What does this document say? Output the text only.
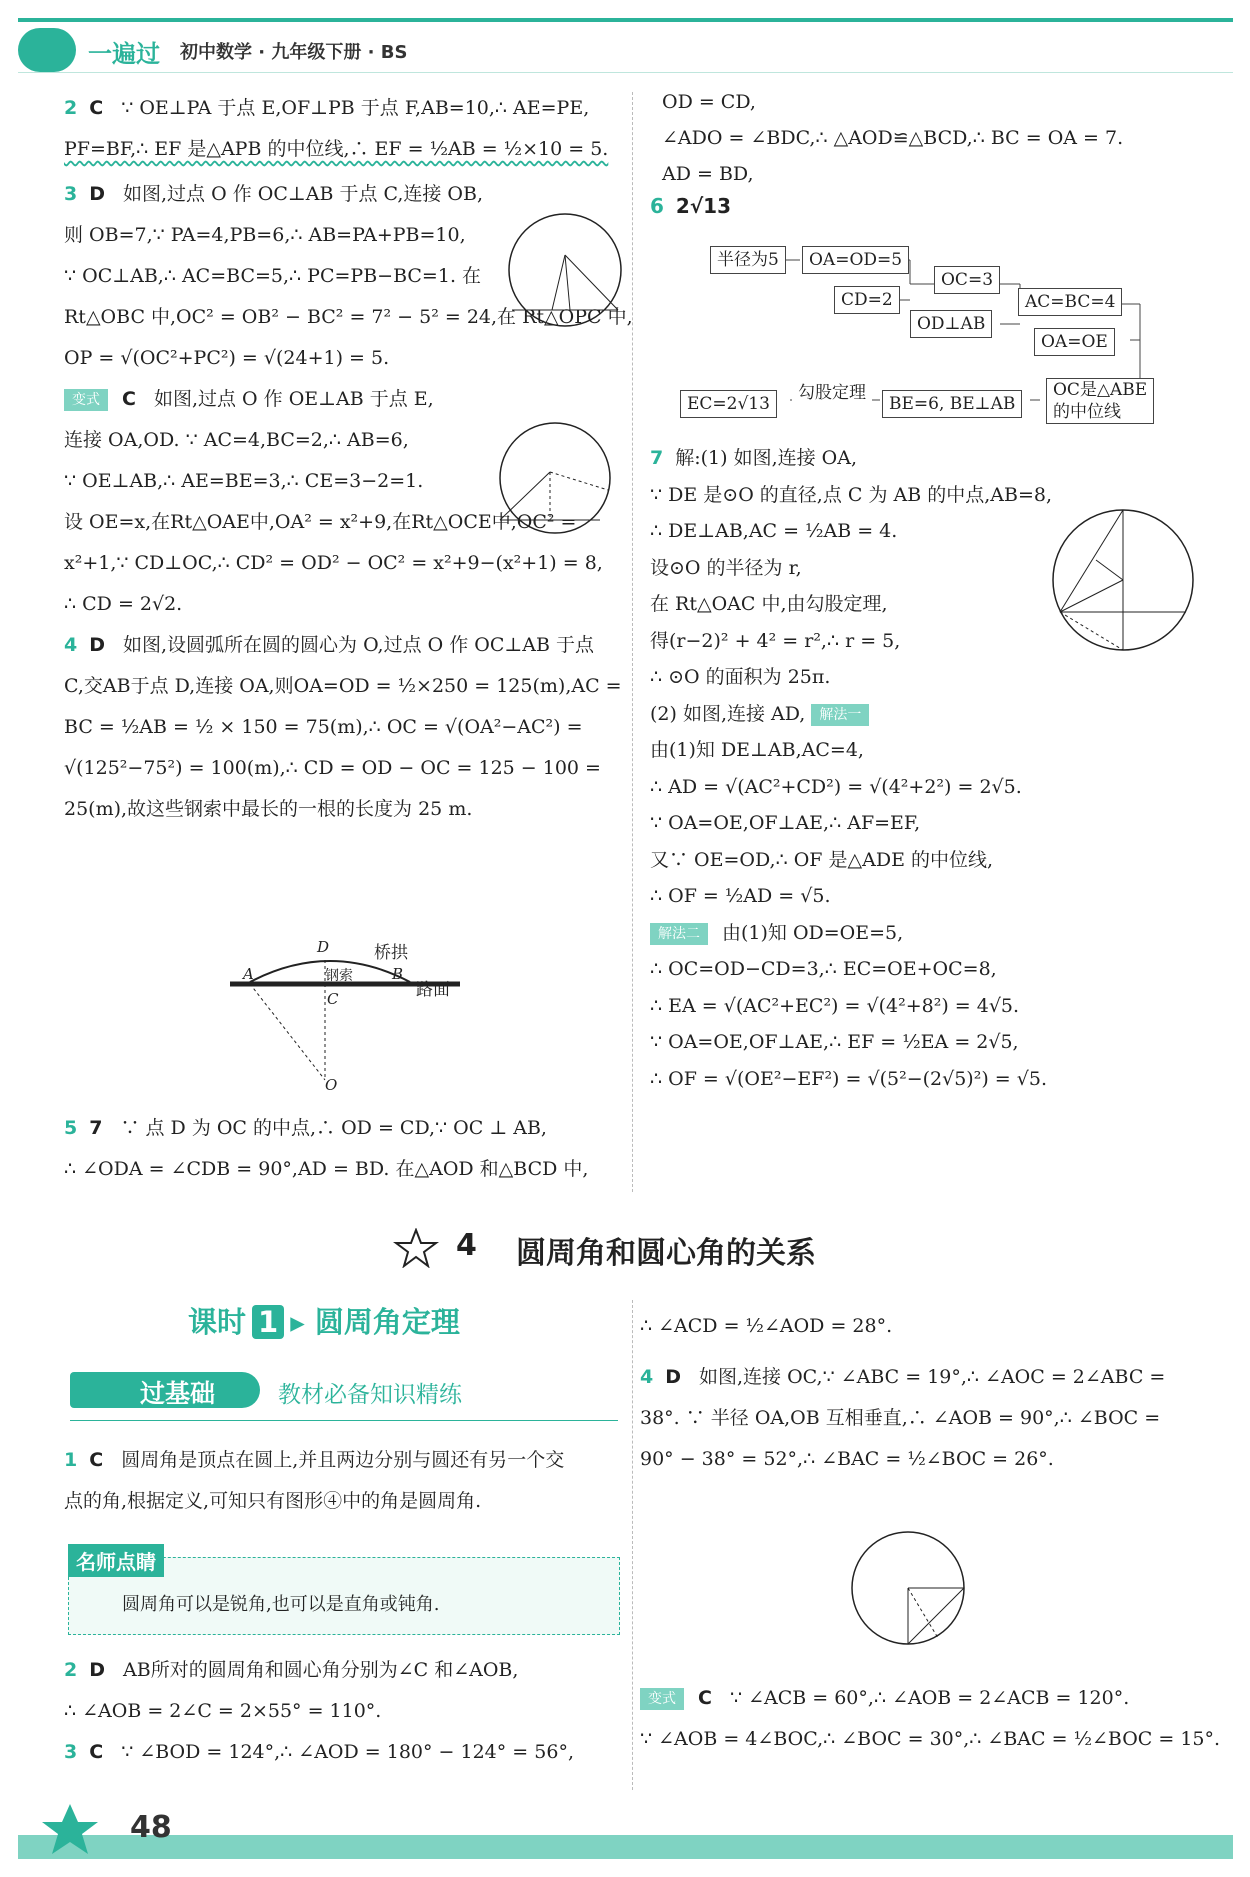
一遍过 初中数学 · 九年级下册 · BS

2 C ∵ OE⊥PA 于点 E,OF⊥PB 于点 F,AB=10,∴ AE=PE,

PF=BF,∴ EF 是△APB 的中位线,∴ EF = ½AB = ½×10 = 5.

3 D 如图,过点 O 作 OC⊥AB 于点 C,连接 OB,

则 OB=7,∵ PA=4,PB=6,∴ AB=PA+PB=10,

∵ OC⊥AB,∴ AC=BC=5,∴ PC=PB−BC=1. 在

Rt△OBC 中,OC² = OB² − BC² = 7² − 5² = 24,在 Rt△OPC 中,

OP = √(OC²+PC²) = √(24+1) = 5.

变式 C 如图,过点 O 作 OE⊥AB 于点 E,

连接 OA,OD. ∵ AC=4,BC=2,∴ AB=6,

∵ OE⊥AB,∴ AE=BE=3,∴ CE=3−2=1.

设 OE=x,在Rt△OAE中,OA² = x²+9,在Rt△OCE中,OC² =

x²+1,∵ CD⊥OC,∴ CD² = OD² − OC² = x²+9−(x²+1) = 8,

∴ CD = 2√2.

4 D 如图,设圆弧所在圆的圆心为 O,过点 O 作 OC⊥AB 于点

C,交AB于点 D,连接 OA,则OA=OD = ½×250 = 125(m),AC =

BC = ½AB = ½ × 150 = 75(m),∴ OC = √(OA²−AC²) =

√(125²−75²) = 100(m),∴ CD = OD − OC = 125 − 100 =

25(m),故这些钢索中最长的一根的长度为 25 m.

桥拱
钢索
路面
A	B
C
D
O

5 7 ∵ 点 D 为 OC 的中点,∴ OD = CD,∵ OC ⊥ AB,

∴ ∠ODA = ∠CDB = 90°,AD = BD. 在△AOD 和△BCD 中,

OD = CD,

∠ADO = ∠BDC,∴ △AOD≌△BCD,∴ BC = OA = 7.

AD = BD,

6 2√13
半径为5	OA=OD=5
CD=2
OC=3
OD⊥AB
AC=BC=4
OA=OE
EC=2√13
勾股定理
BE=6, BE⊥AB
OC是△ABE
的中位线

7 解:(1) 如图,连接 OA,

∵ DE 是⊙O 的直径,点 C 为 AB 的中点,AB=8,

∴ DE⊥AB,AC = ½AB = 4.

设⊙O 的半径为 r,

在 Rt△OAC 中,由勾股定理,

得(r−2)² + 4² = r²,∴ r = 5,

∴ ⊙O 的面积为 25π.

(2) 如图,连接 AD, 解法一

由(1)知 DE⊥AB,AC=4,

∴ AD = √(AC²+CD²) = √(4²+2²) = 2√5.

∵ OA=OE,OF⊥AE,∴ AF=EF,

又∵ OE=OD,∴ OF 是△ADE 的中位线,

∴ OF = ½AD = √5.

解法二 由(1)知 OD=OE=5,

∴ OC=OD−CD=3,∴ EC=OE+OC=8,

∴ EA = √(AC²+EC²) = √(4²+8²) = 4√5.

∵ OA=OE,OF⊥AE,∴ EF = ½EA = 2√5,

∴ OF = √(OE²−EF²) = √(5²−(2√5)²) = √5.

4 圆周角和圆心角的关系
课时 1 ▸ 圆周角定理
过基础	教材必备知识精练

1 C 圆周角是顶点在圆上,并且两边分别与圆还有另一个交

点的角,根据定义,可知只有图形④中的角是圆周角.

名师点睛
圆周角可以是锐角,也可以是直角或钝角.

2 D AB所对的圆周角和圆心角分别为∠C 和∠AOB,

∴ ∠AOB = 2∠C = 2×55° = 110°.

3 C ∵ ∠BOD = 124°,∴ ∠AOD = 180° − 124° = 56°,

∴ ∠ACD = ½∠AOD = 28°.

4 D 如图,连接 OC,∵ ∠ABC = 19°,∴ ∠AOC = 2∠ABC =

38°. ∵ 半径 OA,OB 互相垂直,∴ ∠AOB = 90°,∴ ∠BOC =

90° − 38° = 52°,∴ ∠BAC = ½∠BOC = 26°.

变式 C ∵ ∠ACB = 60°,∴ ∠AOB = 2∠ACB = 120°.

∵ ∠AOB = 4∠BOC,∴ ∠BOC = 30°,∴ ∠BAC = ½∠BOC = 15°.

48
